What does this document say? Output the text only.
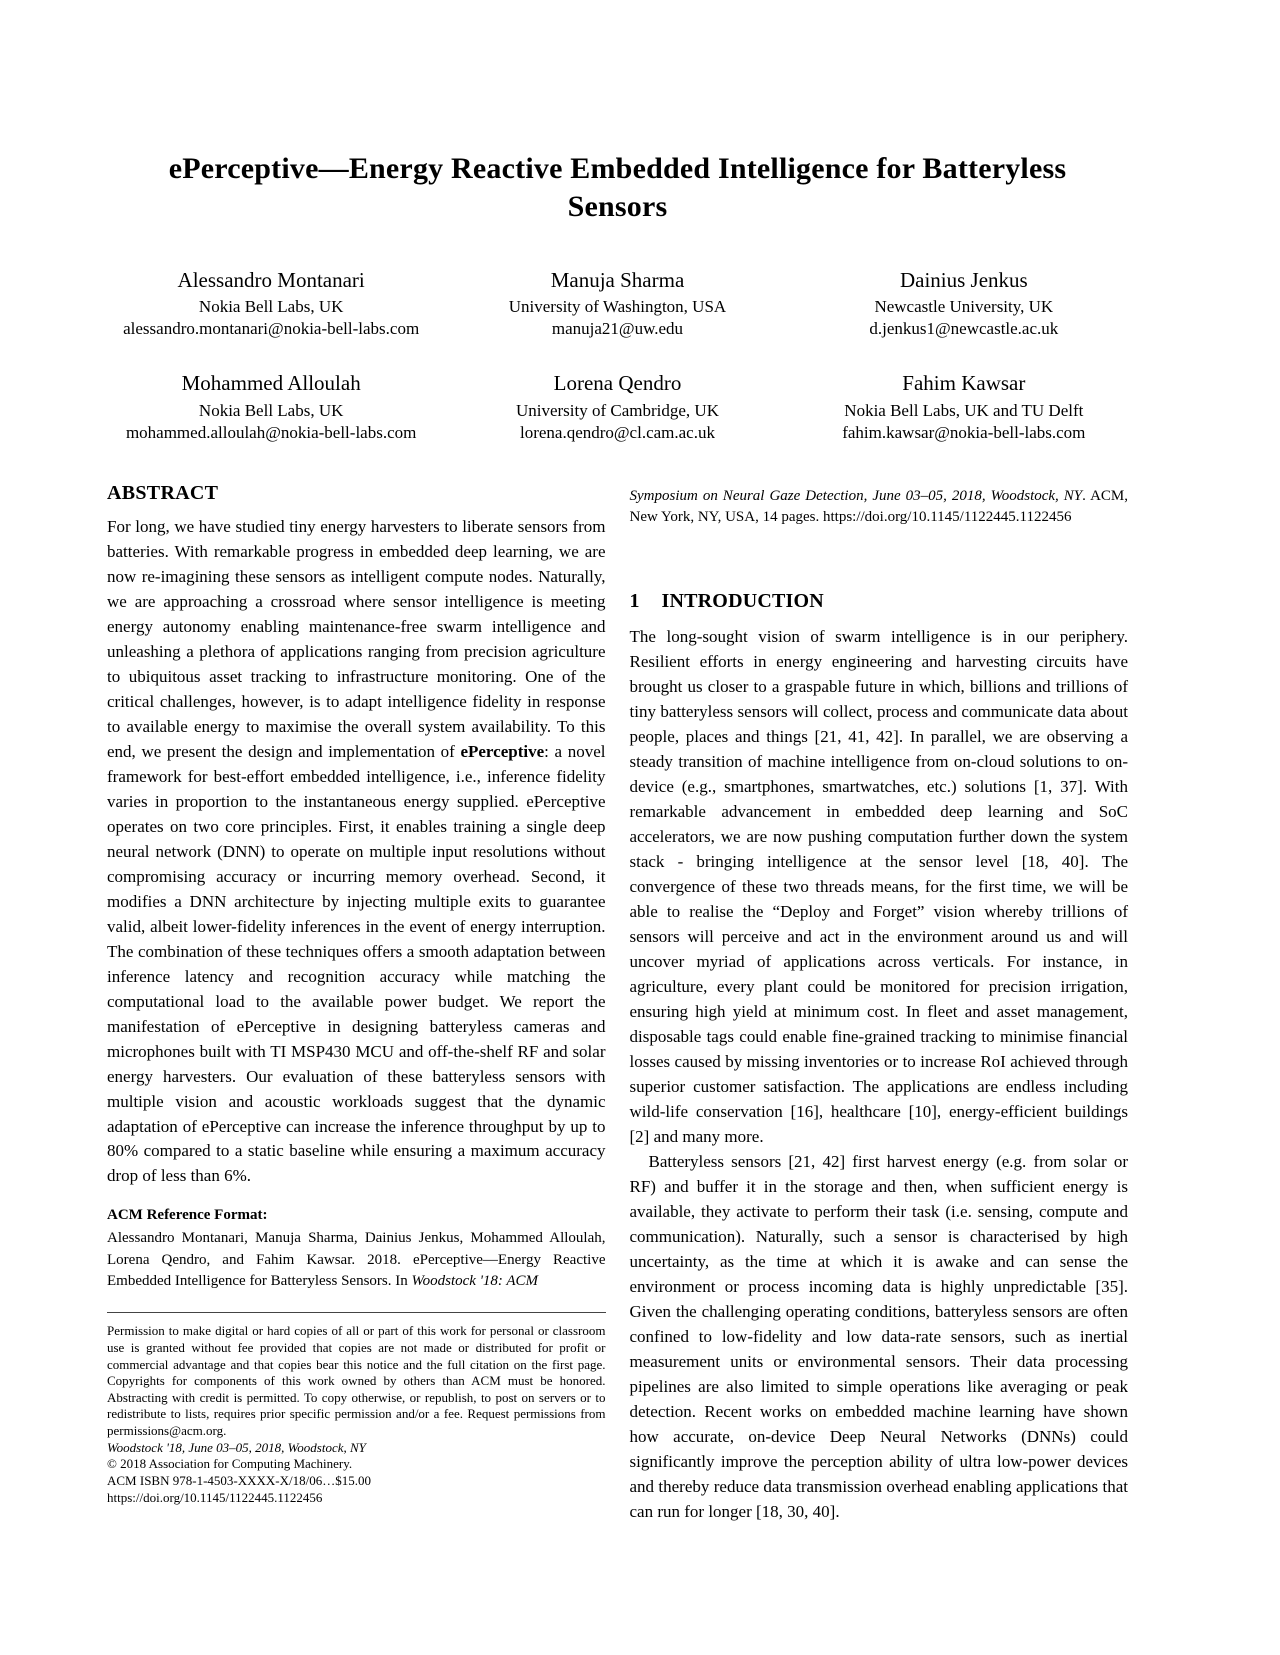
ePerceptive—Energy Reactive Embedded Intelligence for Batteryless Sensors
Alessandro Montanari
Nokia Bell Labs, UK
alessandro.montanari@nokia-bell-labs.com
Manuja Sharma
University of Washington, USA
manuja21@uw.edu
Dainius Jenkus
Newcastle University, UK
d.jenkus1@newcastle.ac.uk
Mohammed Alloulah
Nokia Bell Labs, UK
mohammed.alloulah@nokia-bell-labs.com
Lorena Qendro
University of Cambridge, UK
lorena.qendro@cl.cam.ac.uk
Fahim Kawsar
Nokia Bell Labs, UK and TU Delft
fahim.kawsar@nokia-bell-labs.com
ABSTRACT

For long, we have studied tiny energy harvesters to liberate sensors from batteries. With remarkable progress in embedded deep learning, we are now re-imagining these sensors as intelligent compute nodes. Naturally, we are approaching a crossroad where sensor intelligence is meeting energy autonomy enabling maintenance-free swarm intelligence and unleashing a plethora of applications ranging from precision agriculture to ubiquitous asset tracking to infrastructure monitoring. One of the critical challenges, however, is to adapt intelligence fidelity in response to available energy to maximise the overall system availability. To this end, we present the design and implementation of ePerceptive: a novel framework for best-effort embedded intelligence, i.e., inference fidelity varies in proportion to the instantaneous energy supplied. ePerceptive operates on two core principles. First, it enables training a single deep neural network (DNN) to operate on multiple input resolutions without compromising accuracy or incurring memory overhead. Second, it modifies a DNN architecture by injecting multiple exits to guarantee valid, albeit lower-fidelity inferences in the event of energy interruption. The combination of these techniques offers a smooth adaptation between inference latency and recognition accuracy while matching the computational load to the available power budget. We report the manifestation of ePerceptive in designing batteryless cameras and microphones built with TI MSP430 MCU and off-the-shelf RF and solar energy harvesters. Our evaluation of these batteryless sensors with multiple vision and acoustic workloads suggest that the dynamic adaptation of ePerceptive can increase the inference throughput by up to 80% compared to a static baseline while ensuring a maximum accuracy drop of less than 6%.

ACM Reference Format:

Alessandro Montanari, Manuja Sharma, Dainius Jenkus, Mohammed Alloulah, Lorena Qendro, and Fahim Kawsar. 2018. ePerceptive—Energy Reactive Embedded Intelligence for Batteryless Sensors. In Woodstock '18: ACM

Permission to make digital or hard copies of all or part of this work for personal or classroom use is granted without fee provided that copies are not made or distributed for profit or commercial advantage and that copies bear this notice and the full citation on the first page. Copyrights for components of this work owned by others than ACM must be honored. Abstracting with credit is permitted. To copy otherwise, or republish, to post on servers or to redistribute to lists, requires prior specific permission and/or a fee. Request permissions from permissions@acm.org.

Woodstock '18, June 03–05, 2018, Woodstock, NY

© 2018 Association for Computing Machinery.

ACM ISBN 978-1-4503-XXXX-X/18/06…$15.00

https://doi.org/10.1145/1122445.1122456

Symposium on Neural Gaze Detection, June 03–05, 2018, Woodstock, NY. ACM, New York, NY, USA, 14 pages. https://doi.org/10.1145/1122445.1122456

1 INTRODUCTION

The long-sought vision of swarm intelligence is in our periphery. Resilient efforts in energy engineering and harvesting circuits have brought us closer to a graspable future in which, billions and trillions of tiny batteryless sensors will collect, process and communicate data about people, places and things [21, 41, 42]. In parallel, we are observing a steady transition of machine intelligence from on-cloud solutions to on-device (e.g., smartphones, smartwatches, etc.) solutions [1, 37]. With remarkable advancement in embedded deep learning and SoC accelerators, we are now pushing computation further down the system stack - bringing intelligence at the sensor level [18, 40]. The convergence of these two threads means, for the first time, we will be able to realise the “Deploy and Forget” vision whereby trillions of sensors will perceive and act in the environment around us and will uncover myriad of applications across verticals. For instance, in agriculture, every plant could be monitored for precision irrigation, ensuring high yield at minimum cost. In fleet and asset management, disposable tags could enable fine-grained tracking to minimise financial losses caused by missing inventories or to increase RoI achieved through superior customer satisfaction. The applications are endless including wild-life conservation [16], healthcare [10], energy-efficient buildings [2] and many more.

Batteryless sensors [21, 42] first harvest energy (e.g. from solar or RF) and buffer it in the storage and then, when sufficient energy is available, they activate to perform their task (i.e. sensing, compute and communication). Naturally, such a sensor is characterised by high uncertainty, as the time at which it is awake and can sense the environment or process incoming data is highly unpredictable [35]. Given the challenging operating conditions, batteryless sensors are often confined to low-fidelity and low data-rate sensors, such as inertial measurement units or environmental sensors. Their data processing pipelines are also limited to simple operations like averaging or peak detection. Recent works on embedded machine learning have shown how accurate, on-device Deep Neural Networks (DNNs) could significantly improve the perception ability of ultra low-power devices and thereby reduce data transmission overhead enabling applications that can run for longer [18, 30, 40].
